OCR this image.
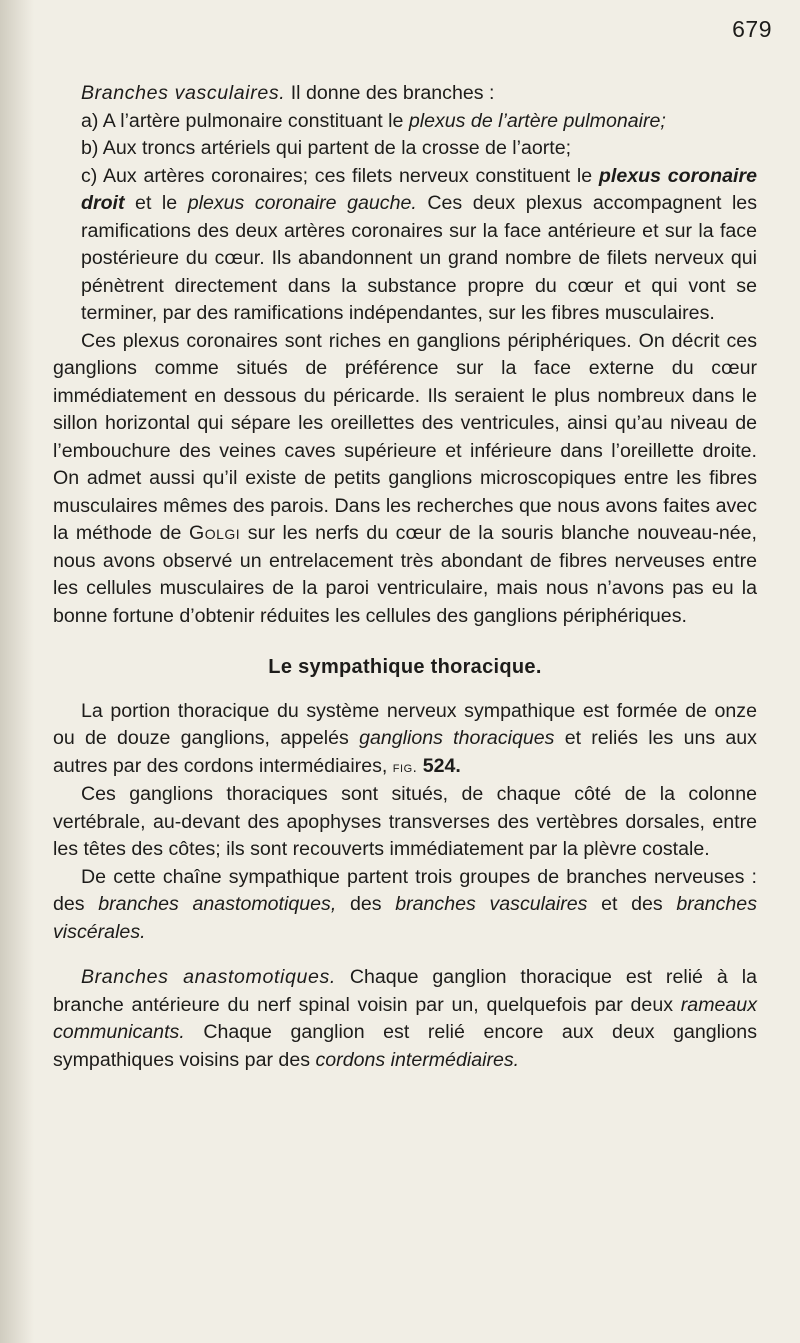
679

Branches vasculaires. Il donne des branches :

a) A l’artère pulmonaire constituant le plexus de l’artère pulmonaire;

b) Aux troncs artériels qui partent de la crosse de l’aorte;

c) Aux artères coronaires; ces filets nerveux constituent le plexus coronaire droit et le plexus coronaire gauche. Ces deux plexus accompagnent les ramifications des deux artères coronaires sur la face antérieure et sur la face postérieure du cœur. Ils abandonnent un grand nombre de filets nerveux qui pénètrent directement dans la substance propre du cœur et qui vont se terminer, par des ramifications indépendantes, sur les fibres musculaires.

Ces plexus coronaires sont riches en ganglions périphériques. On décrit ces ganglions comme situés de préférence sur la face externe du cœur immédiatement en dessous du péricarde. Ils seraient le plus nombreux dans le sillon horizontal qui sépare les oreillettes des ventricules, ainsi qu’au niveau de l’embouchure des veines caves supérieure et inférieure dans l’oreillette droite. On admet aussi qu’il existe de petits ganglions microscopiques entre les fibres musculaires mêmes des parois. Dans les recherches que nous avons faites avec la méthode de Golgi sur les nerfs du cœur de la souris blanche nouveau-née, nous avons observé un entrelacement très abondant de fibres nerveuses entre les cellules musculaires de la paroi ventriculaire, mais nous n’avons pas eu la bonne fortune d’obtenir réduites les cellules des ganglions périphériques.

Le sympathique thoracique.

La portion thoracique du système nerveux sympathique est formée de onze ou de douze ganglions, appelés ganglions thoraciques et reliés les uns aux autres par des cordons intermédiaires, fig. 524.

Ces ganglions thoraciques sont situés, de chaque côté de la colonne vertébrale, au-devant des apophyses transverses des vertèbres dorsales, entre les têtes des côtes; ils sont recouverts immédiatement par la plèvre costale.

De cette chaîne sympathique partent trois groupes de branches nerveuses : des branches anastomotiques, des branches vasculaires et des branches viscérales.

Branches anastomotiques. Chaque ganglion thoracique est relié à la branche antérieure du nerf spinal voisin par un, quelquefois par deux rameaux communicants. Chaque ganglion est relié encore aux deux ganglions sympathiques voisins par des cordons intermédiaires.
